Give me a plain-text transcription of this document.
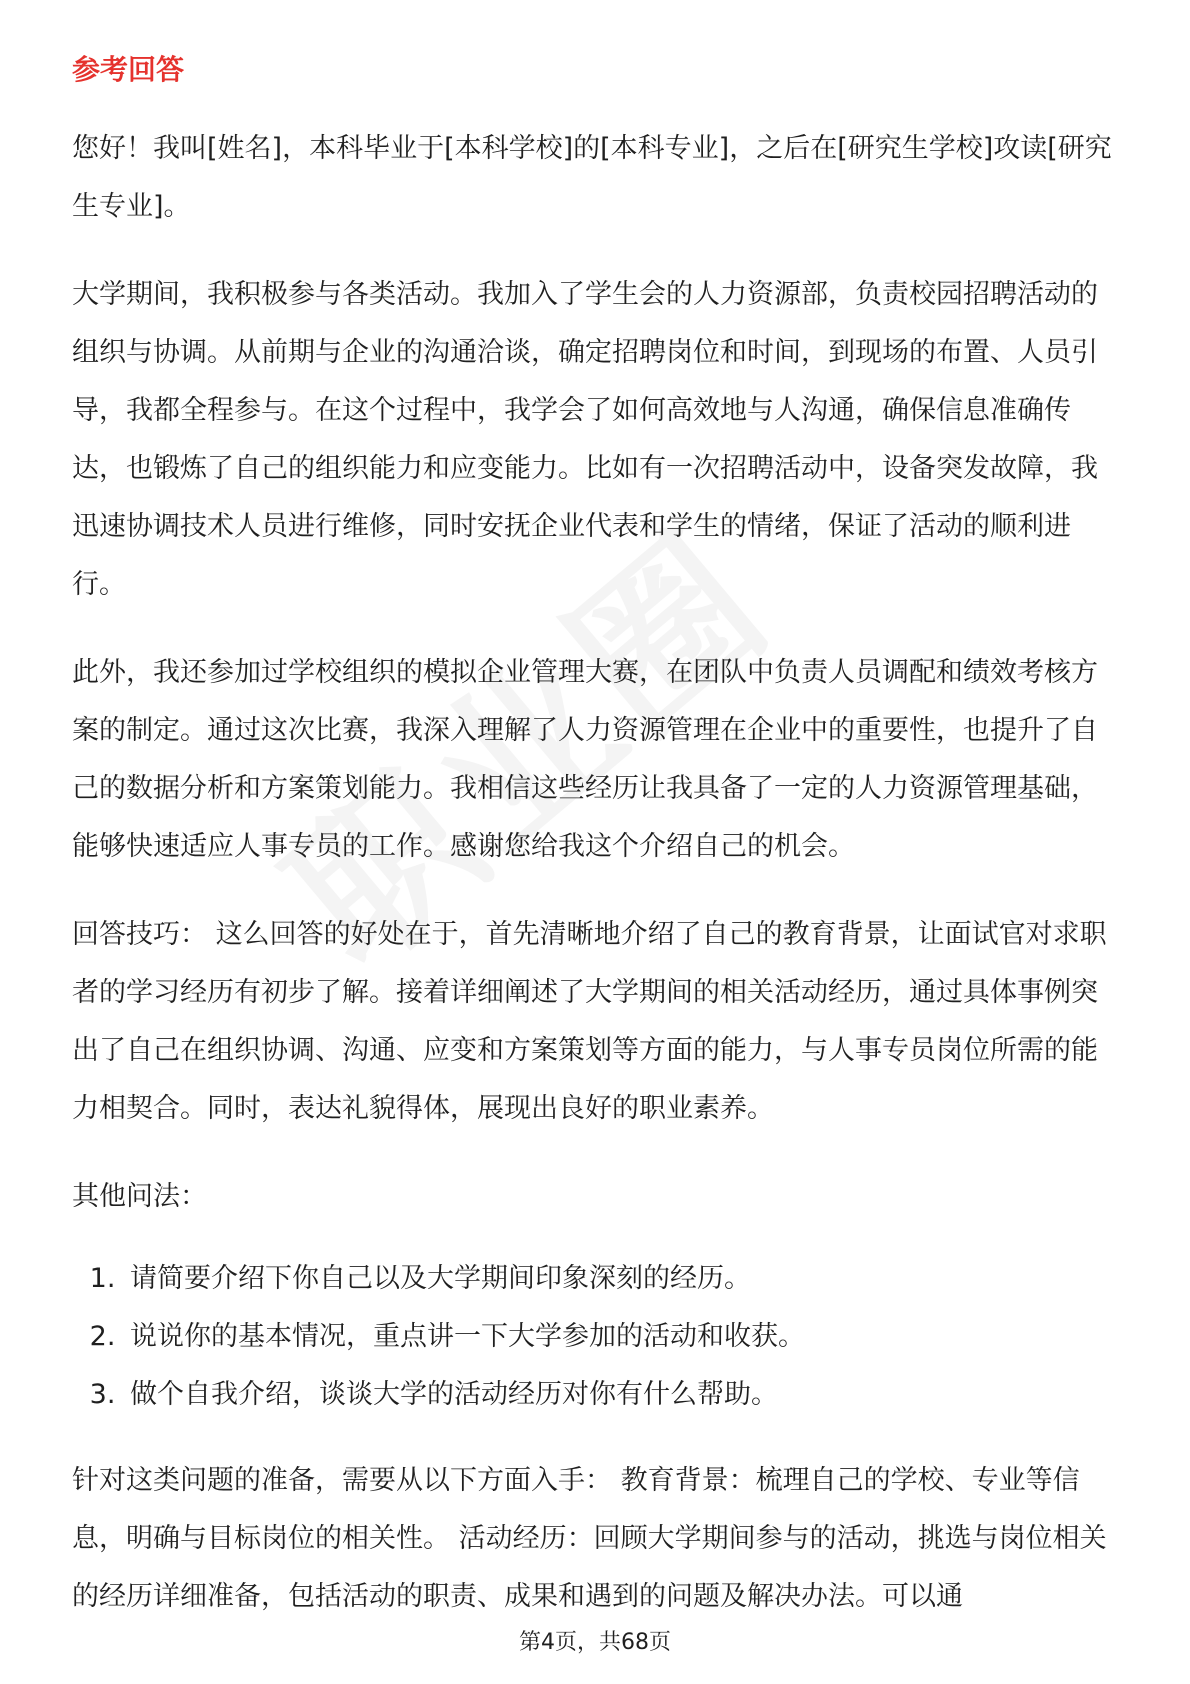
参考回答

您好！我叫[姓名]，本科毕业于[本科学校]的[本科专业]，之后在[研究生学校]攻读[研究生专业]。

大学期间，我积极参与各类活动。我加入了学生会的人力资源部，负责校园招聘活动的组织与协调。从前期与企业的沟通洽谈，确定招聘岗位和时间，到现场的布置、人员引导，我都全程参与。在这个过程中，我学会了如何高效地与人沟通，确保信息准确传达，也锻炼了自己的组织能力和应变能力。比如有一次招聘活动中，设备突发故障，我迅速协调技术人员进行维修，同时安抚企业代表和学生的情绪，保证了活动的顺利进行。

此外，我还参加过学校组织的模拟企业管理大赛，在团队中负责人员调配和绩效考核方案的制定。通过这次比赛，我深入理解了人力资源管理在企业中的重要性，也提升了自己的数据分析和方案策划能力。我相信这些经历让我具备了一定的人力资源管理基础，能够快速适应人事专员的工作。感谢您给我这个介绍自己的机会。

回答技巧： 这么回答的好处在于，首先清晰地介绍了自己的教育背景，让面试官对求职者的学习经历有初步了解。接着详细阐述了大学期间的相关活动经历，通过具体事例突出了自己在组织协调、沟通、应变和方案策划等方面的能力，与人事专员岗位所需的能力相契合。同时，表达礼貌得体，展现出良好的职业素养。

其他问法：

1. 请简要介绍下你自己以及大学期间印象深刻的经历。
2. 说说你的基本情况，重点讲一下大学参加的活动和收获。
3. 做个自我介绍，谈谈大学的活动经历对你有什么帮助。

针对这类问题的准备，需要从以下方面入手： 教育背景：梳理自己的学校、专业等信息，明确与目标岗位的相关性。 活动经历：回顾大学期间参与的活动，挑选与岗位相关的经历详细准备，包括活动的职责、成果和遇到的问题及解决办法。可以通

第4页，共68页
